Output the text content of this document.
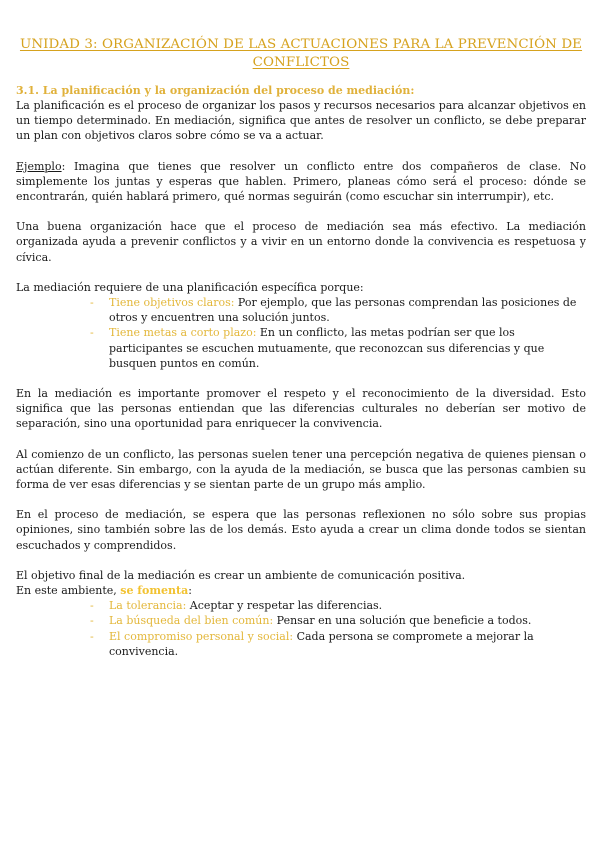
UNIDAD 3: ORGANIZACIÓN DE LAS ACTUACIONES PARA LA PREVENCIÓN DE CONFLICTOS
3.1. La planificación y la organización del proceso de mediación:

La planificación es el proceso de organizar los pasos y recursos necesarios para alcanzar objetivos en un tiempo determinado. En mediación, significa que antes de resolver un conflicto, se debe preparar un plan con objetivos claros sobre cómo se va a actuar.

Ejemplo: Imagina que tienes que resolver un conflicto entre dos compañeros de clase. No simplemente los juntas y esperas que hablen. Primero, planeas cómo será el proceso: dónde se encontrarán, quién hablará primero, qué normas seguirán (como escuchar sin interrumpir), etc.

Una buena organización hace que el proceso de mediación sea más efectivo. La mediación organizada ayuda a prevenir conflictos y a vivir en un entorno donde la convivencia es respetuosa y cívica.

La mediación requiere de una planificación específica porque:

- Tiene objetivos claros: Por ejemplo, que las personas comprendan las posiciones de otros y encuentren una solución juntos.
- Tiene metas a corto plazo: En un conflicto, las metas podrían ser que los participantes se escuchen mutuamente, que reconozcan sus diferencias y que busquen puntos en común.

En la mediación es importante promover el respeto y el reconocimiento de la diversidad. Esto significa que las personas entiendan que las diferencias culturales no deberían ser motivo de separación, sino una oportunidad para enriquecer la convivencia.

Al comienzo de un conflicto, las personas suelen tener una percepción negativa de quienes piensan o actúan diferente. Sin embargo, con la ayuda de la mediación, se busca que las personas cambien su forma de ver esas diferencias y se sientan parte de un grupo más amplio.

En el proceso de mediación, se espera que las personas reflexionen no sólo sobre sus propias opiniones, sino también sobre las de los demás. Esto ayuda a crear un clima donde todos se sientan escuchados y comprendidos.

El objetivo final de la mediación es crear un ambiente de comunicación positiva.

En este ambiente, se fomenta:

- La tolerancia: Aceptar y respetar las diferencias.
- La búsqueda del bien común: Pensar en una solución que beneficie a todos.
- El compromiso personal y social: Cada persona se compromete a mejorar la convivencia.
